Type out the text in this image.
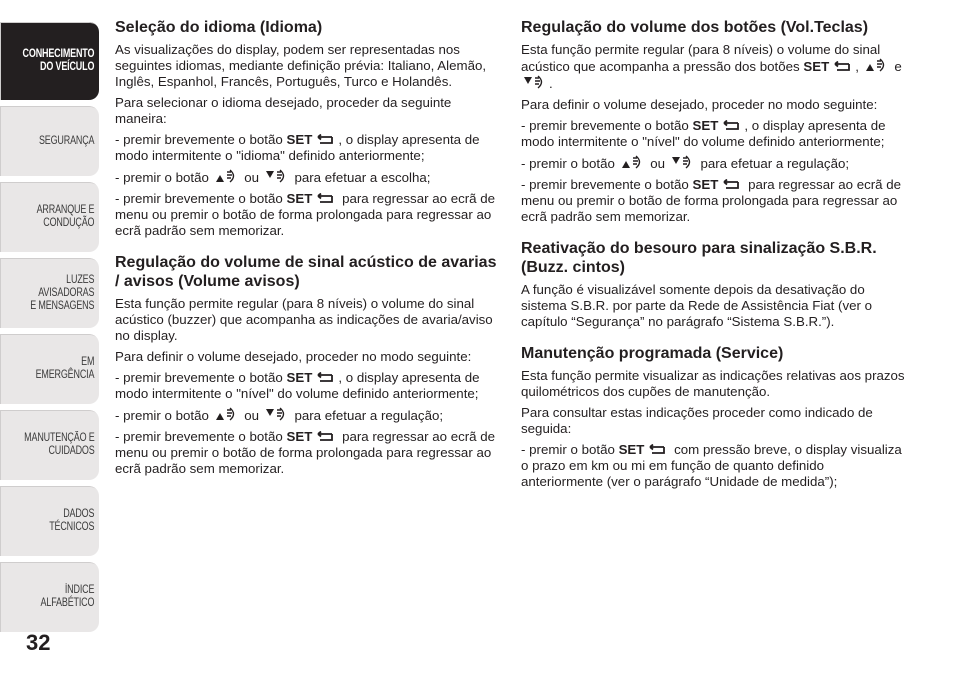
CONHECIMENTO
DO VEÍCULO
SEGURANÇA
ARRANQUE E
CONDUÇÃO
LUZES AVISADORAS
E MENSAGENS
EM EMERGÊNCIA
MANUTENÇÃO E
CUIDADOS
DADOS TÉCNICOS
ÍNDICE ALFABÉTICO
32
Seleção do idioma (Idioma)

As visualizações do display, podem ser representadas nos seguintes idiomas, mediante definição prévia: Italiano, Alemão, Inglês, Espanhol, Francês, Português, Turco e Holandês.

Para selecionar o idioma desejado, proceder da seguinte maneira:

- premir brevemente o botão SET , o display apresenta de modo intermitente o "idioma" definido anteriormente;

- premir o botão	ou	para efetuar a escolha;

- premir brevemente o botão SET para regressar ao ecrã de menu ou premir o botão de forma prolongada para regressar ao ecrã padrão sem memorizar.

Regulação do volume de sinal acústico de avarias / avisos (Volume avisos)

Esta função permite regular (para 8 níveis) o volume do sinal acústico (buzzer) que acompanha as indicações de avaria/aviso no display.

Para definir o volume desejado, proceder no modo seguinte:

- premir brevemente o botão SET , o display apresenta de modo intermitente o "nível" do volume definido anteriormente;

- premir o botão	ou	para efetuar a regulação;

- premir brevemente o botão SET para regressar ao ecrã de menu ou premir o botão de forma prolongada para regressar ao ecrã padrão sem memorizar.

Regulação do volume dos botões (Vol.Teclas)

Esta função permite regular (para 8 níveis) o volume do sinal acústico que acompanha a pressão dos botões SET ,	e .

Para definir o volume desejado, proceder no modo seguinte:

- premir brevemente o botão SET , o display apresenta de modo intermitente o "nível" do volume definido anteriormente;

- premir o botão	ou	para efetuar a regulação;

- premir brevemente o botão SET para regressar ao ecrã de menu ou premir o botão de forma prolongada para regressar ao ecrã padrão sem memorizar.

Reativação do besouro para sinalização S.B.R. (Buzz. cintos)

A função é visualizável somente depois da desativação do sistema S.B.R. por parte da Rede de Assistência Fiat (ver o capítulo “Segurança” no parágrafo “Sistema S.B.R.”).

Manutenção programada (Service)

Esta função permite visualizar as indicações relativas aos prazos quilométricos dos cupões de manutenção.

Para consultar estas indicações proceder como indicado de seguida:

- premir o botão SET com pressão breve, o display visualiza o prazo em km ou mi em função de quanto definido anteriormente (ver o parágrafo “Unidade de medida”);
